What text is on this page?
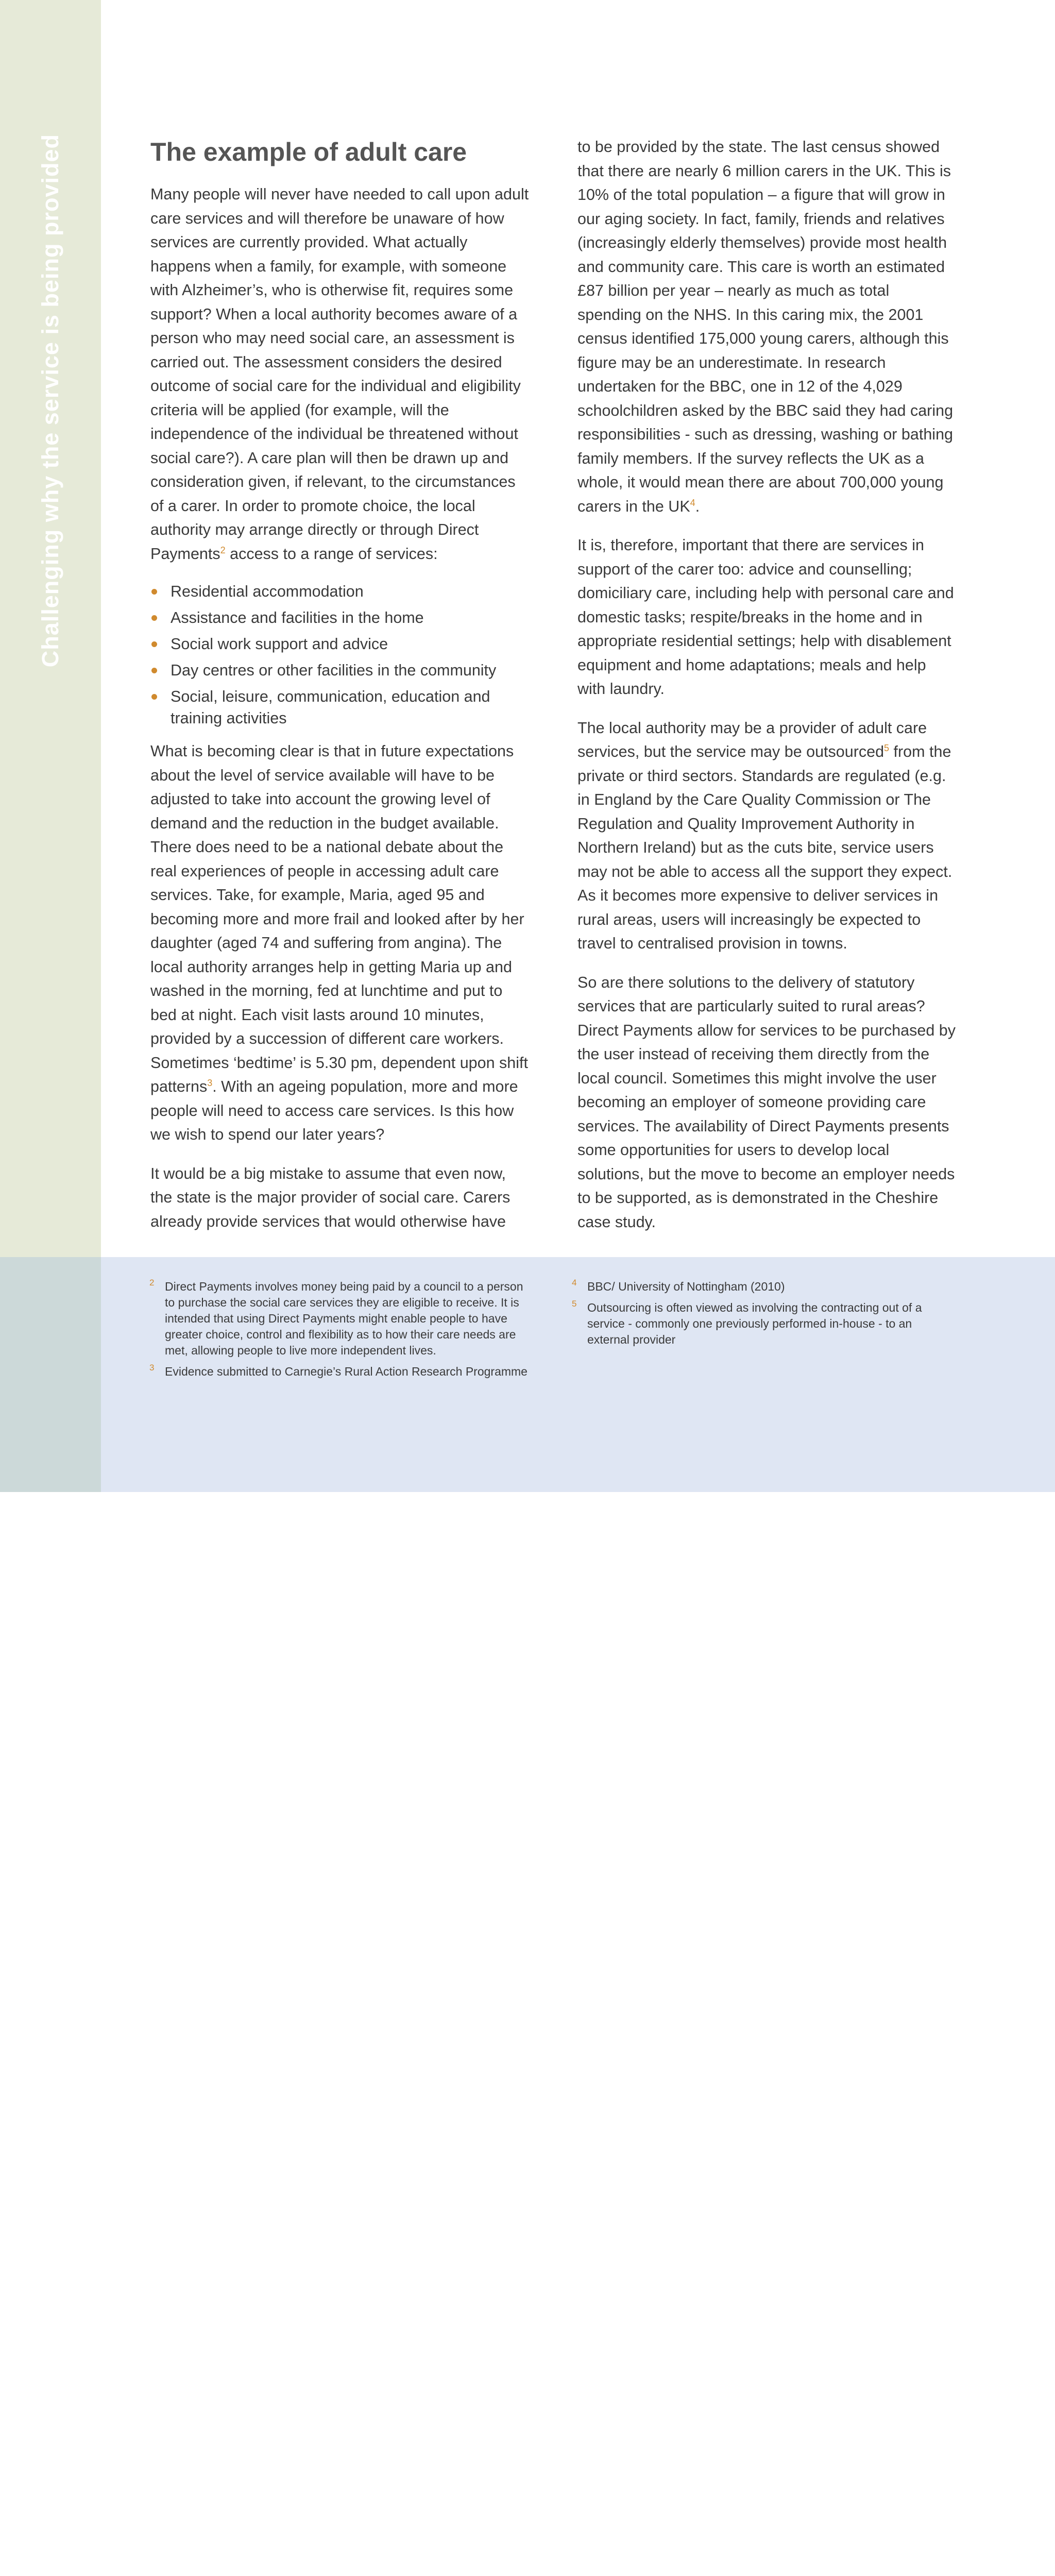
Challenging why the service is being provided	The example of adult care

Many people will never have needed to call upon adult care services and will therefore be unaware of how services are currently provided. What actually happens when a family, for example, with someone with Alzheimer’s, who is otherwise fit, requires some support? When a local authority becomes aware of a person who may need social care, an assessment is carried out. The assessment considers the desired outcome of social care for the individual and eligibility criteria will be applied (for example, will the independence of the individual be threatened without social care?). A care plan will then be drawn up and consideration given, if relevant, to the circumstances of a carer. In order to promote choice, the local authority may arrange directly or through Direct Payments$^2$ access to a range of services:

Residential accommodation
Assistance and facilities in the home
Social work support and advice
Day centres or other facilities in the community
Social, leisure, communication, education and training activities

What is becoming clear is that in future expectations about the level of service available will have to be adjusted to take into account the growing level of demand and the reduction in the budget available. There does need to be a national debate about the real experiences of people in accessing adult care services. Take, for example, Maria, aged 95 and becoming more and more frail and looked after by her daughter (aged 74 and suffering from angina). The local authority arranges help in getting Maria up and washed in the morning, fed at lunchtime and put to bed at night. Each visit lasts around 10 minutes, provided by a succession of different care workers. Sometimes ‘bedtime’ is 5.30 pm, dependent upon shift patterns$^3$. With an ageing population, more and more people will need to access care services. Is this how we wish to spend our later years?

It would be a big mistake to assume that even now, the state is the major provider of social care. Carers already provide services that would otherwise have

to be provided by the state. The last census showed that there are nearly 6 million carers in the UK. This is 10% of the total population – a figure that will grow in our aging society. In fact, family, friends and relatives (increasingly elderly themselves) provide most health and community care. This care is worth an estimated £87 billion per year – nearly as much as total spending on the NHS. In this caring mix, the 2001 census identified 175,000 young carers, although this figure may be an underestimate. In research undertaken for the BBC, one in 12 of the 4,029 schoolchildren asked by the BBC said they had caring responsibilities - such as dressing, washing or bathing family members. If the survey reflects the UK as a whole, it would mean there are about 700,000 young carers in the $UK^4$.

It is, therefore, important that there are services in support of the carer too: advice and counselling; domiciliary care, including help with personal care and domestic tasks; respite/breaks in the home and in appropriate residential settings; help with disablement equipment and home adaptations; meals and help with laundry.

The local authority may be a provider of adult care services, but the service may be outsourced$^5$ from the private or third sectors. Standards are regulated (e.g. in England by the Care Quality Commission or The Regulation and Quality Improvement Authority in Northern Ireland) but as the cuts bite, service users may not be able to access all the support they expect. As it becomes more expensive to deliver services in rural areas, users will increasingly be expected to travel to centralised provision in towns.

So are there solutions to the delivery of statutory services that are particularly suited to rural areas? Direct Payments allow for services to be purchased by the user instead of receiving them directly from the local council. Sometimes this might involve the user becoming an employer of someone providing care services. The availability of Direct Payments presents some opportunities for users to develop local solutions, but the move to become an employer needs to be supported, as is demonstrated in the Cheshire case study.

2 Direct Payments involves money being paid by a council to a person to purchase the social care services they are eligible to receive. It is intended that using Direct Payments might enable people to have greater choice, control and flexibility as to how their care needs are met, allowing people to live more independent lives.
3 Evidence submitted to Carnegie’s Rural Action Research Programme
4 BBC/ University of Nottingham (2010)
5 Outsourcing is often viewed as involving the contracting out of a service - commonly one previously performed in-house - to an external provider
